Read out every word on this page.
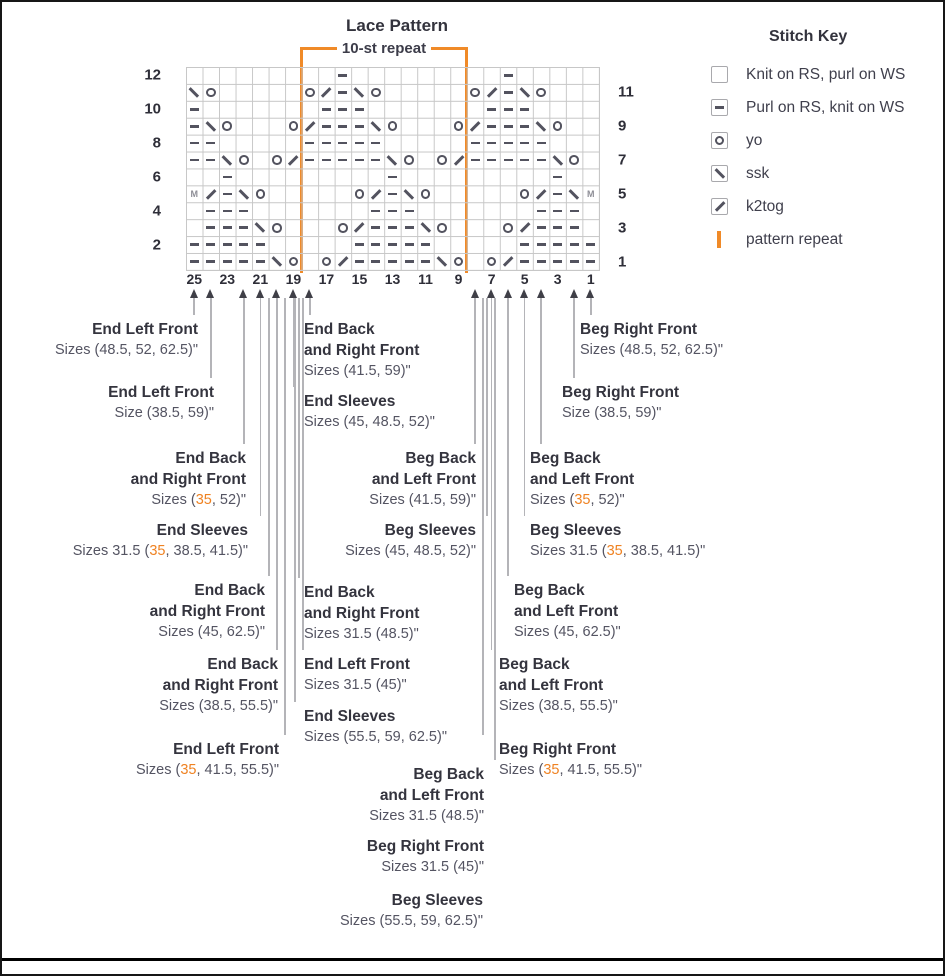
Lace Pattern
10-st repeat
M	M
Stitch Key
Knit on RS, purl on WS
Purl on RS, knit on WS
yo
ssk
k2tog
pattern repeat
12
11
10
9
8
7
6
5
4
3
2
1
25 23 21 19 17 15 13 11 9 7 5 3 1
End Left Front
Sizes (48.5, 52, 62.5)"
End Left Front
Size (38.5, 59)"
End Back
and Right Front
Sizes (35, 52)"
End Sleeves
Sizes 31.5 (35, 38.5, 41.5)"
End Back
and Right Front
Sizes (45, 62.5)"
End Back
and Right Front
Sizes (38.5, 55.5)"
End Left Front
Sizes (35, 41.5, 55.5)"
End Back
and Right Front
Sizes (41.5, 59)"
End Sleeves
Sizes (45, 48.5, 52)"
End Back
and Right Front
Sizes 31.5 (48.5)"
End Left Front
Sizes 31.5 (45)"
End Sleeves
Sizes (55.5, 59, 62.5)"
Beg Right Front
Sizes (48.5, 52, 62.5)"
Beg Right Front
Size (38.5, 59)"
Beg Back
and Left Front
Sizes (35, 52)"
Beg Sleeves
Sizes 31.5 (35, 38.5, 41.5)"
Beg Back
and Left Front
Sizes (45, 62.5)"
Beg Back
and Left Front
Sizes (38.5, 55.5)"
Beg Right Front
Sizes (35, 41.5, 55.5)"
Beg Back
and Left Front
Sizes (41.5, 59)"
Beg Sleeves
Sizes (45, 48.5, 52)"
Beg Back
and Left Front
Sizes 31.5 (48.5)"
Beg Right Front
Sizes 31.5 (45)"
Beg Sleeves
Sizes (55.5, 59, 62.5)"
